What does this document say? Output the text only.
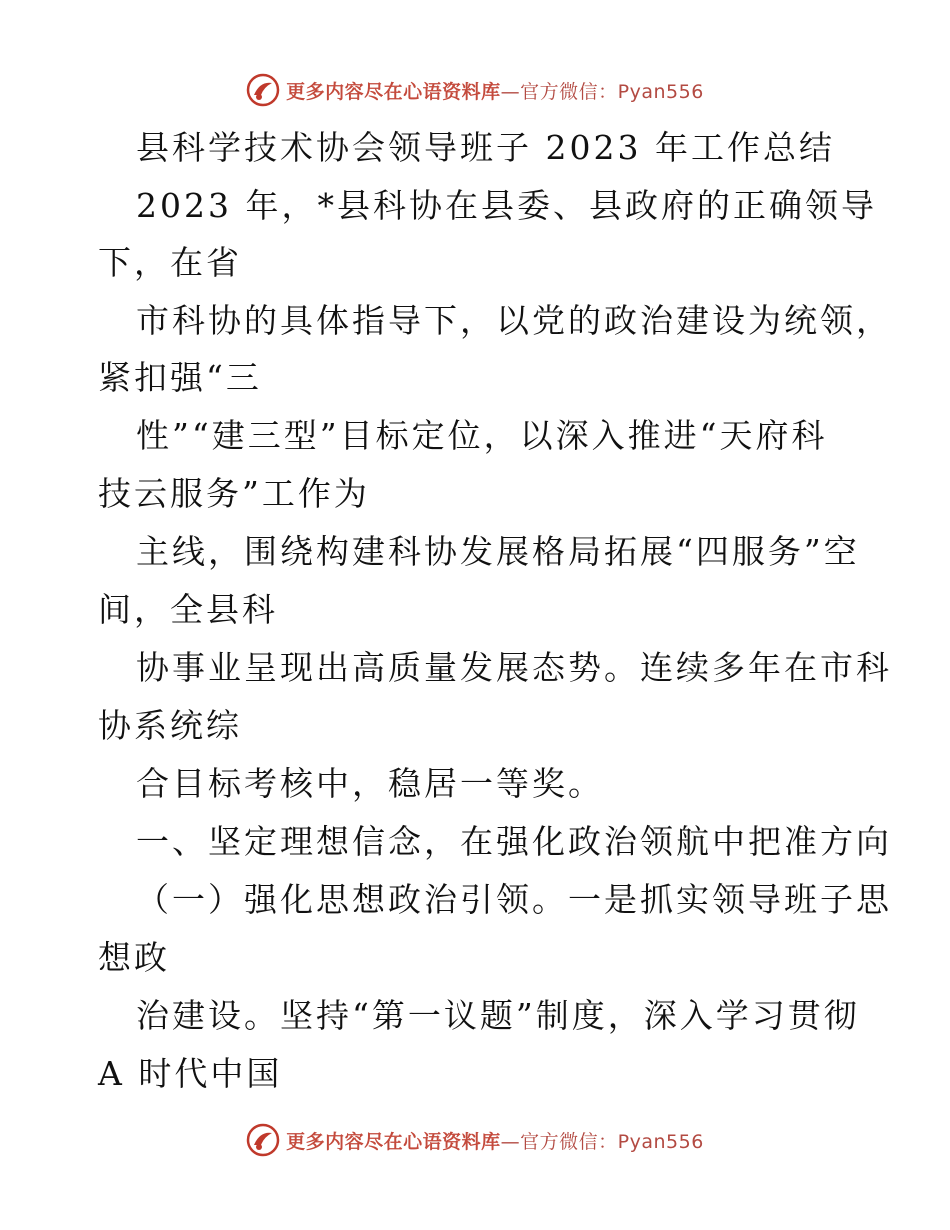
更多内容尽在心语资料库—官方微信：Pyan556
县科学技术协会领导班子 2023 年工作总结
2023 年，*县科协在县委、县政府的正确领导
下，在省
市科协的具体指导下，以党的政治建设为统领，
紧扣强“三
性”“建三型”目标定位，以深入推进“天府科
技云服务”工作为
主线，围绕构建科协发展格局拓展“四服务”空
间，全县科
协事业呈现出高质量发展态势。连续多年在市科
协系统综
合目标考核中，稳居一等奖。
一、坚定理想信念，在强化政治领航中把准方向
（一）强化思想政治引领。一是抓实领导班子思
想政
治建设。坚持“第一议题”制度，深入学习贯彻
A 时代中国
更多内容尽在心语资料库—官方微信：Pyan556
